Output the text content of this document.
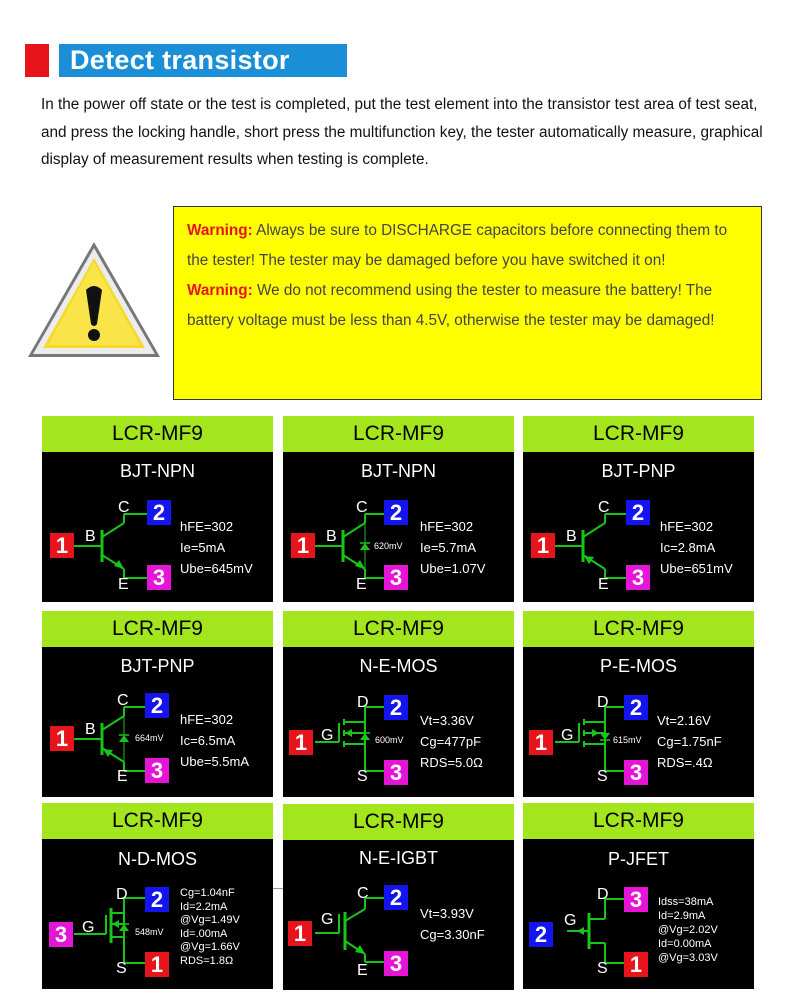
Detect transistor

In the power off state or the test is completed, put the test element into the transistor test area of test seat, and press the locking handle, short press the multifunction key, the tester automatically measure, graphical display of measurement results when testing is complete.

Warning: Always be sure to DISCHARGE capacitors before connecting them to the tester! The tester may be damaged before you have switched it on!
Warning: We do not recommend using the tester to measure the battery! The battery voltage must be less than 4.5V, otherwise the tester may be damaged!
LCR-MF9
BJT-NPN
1
2
3
B
C
E
hFE=302
Ie=5mA
Ube=645mV
LCR-MF9
BJT-NPN
1
2
3
B
C
E
620mV
hFE=302
Ie=5.7mA
Ube=1.07V
LCR-MF9
BJT-PNP
1
2
3
B
C
E
hFE=302
Ic=2.8mA
Ube=651mV
LCR-MF9
BJT-PNP
1
2
3
B
C
E
664mV
hFE=302
Ic=6.5mA
Ube=5.5mA
LCR-MF9
N-E-MOS
1
2
3
G
D
S
600mV
Vt=3.36V
Cg=477pF
RDS=5.0Ω
LCR-MF9
P-E-MOS
1
2
3
G
D
S
615mV
Vt=2.16V
Cg=1.75nF
RDS=.4Ω
LCR-MF9
N-D-MOS
3
2
1
G
D
S
548mV
Cg=1.04nF
Id=2.2mA
@Vg=1.49V
Id=.00mA
@Vg=1.66V
RDS=1.8Ω
LCR-MF9
N-E-IGBT
1
2
3
G
C
E
Vt=3.93V
Cg=3.30nF
LCR-MF9
P-JFET
2
3
1
G
D
S
Idss=38mA
Id=2.9mA
@Vg=2.02V
Id=0.00mA
@Vg=3.03V
